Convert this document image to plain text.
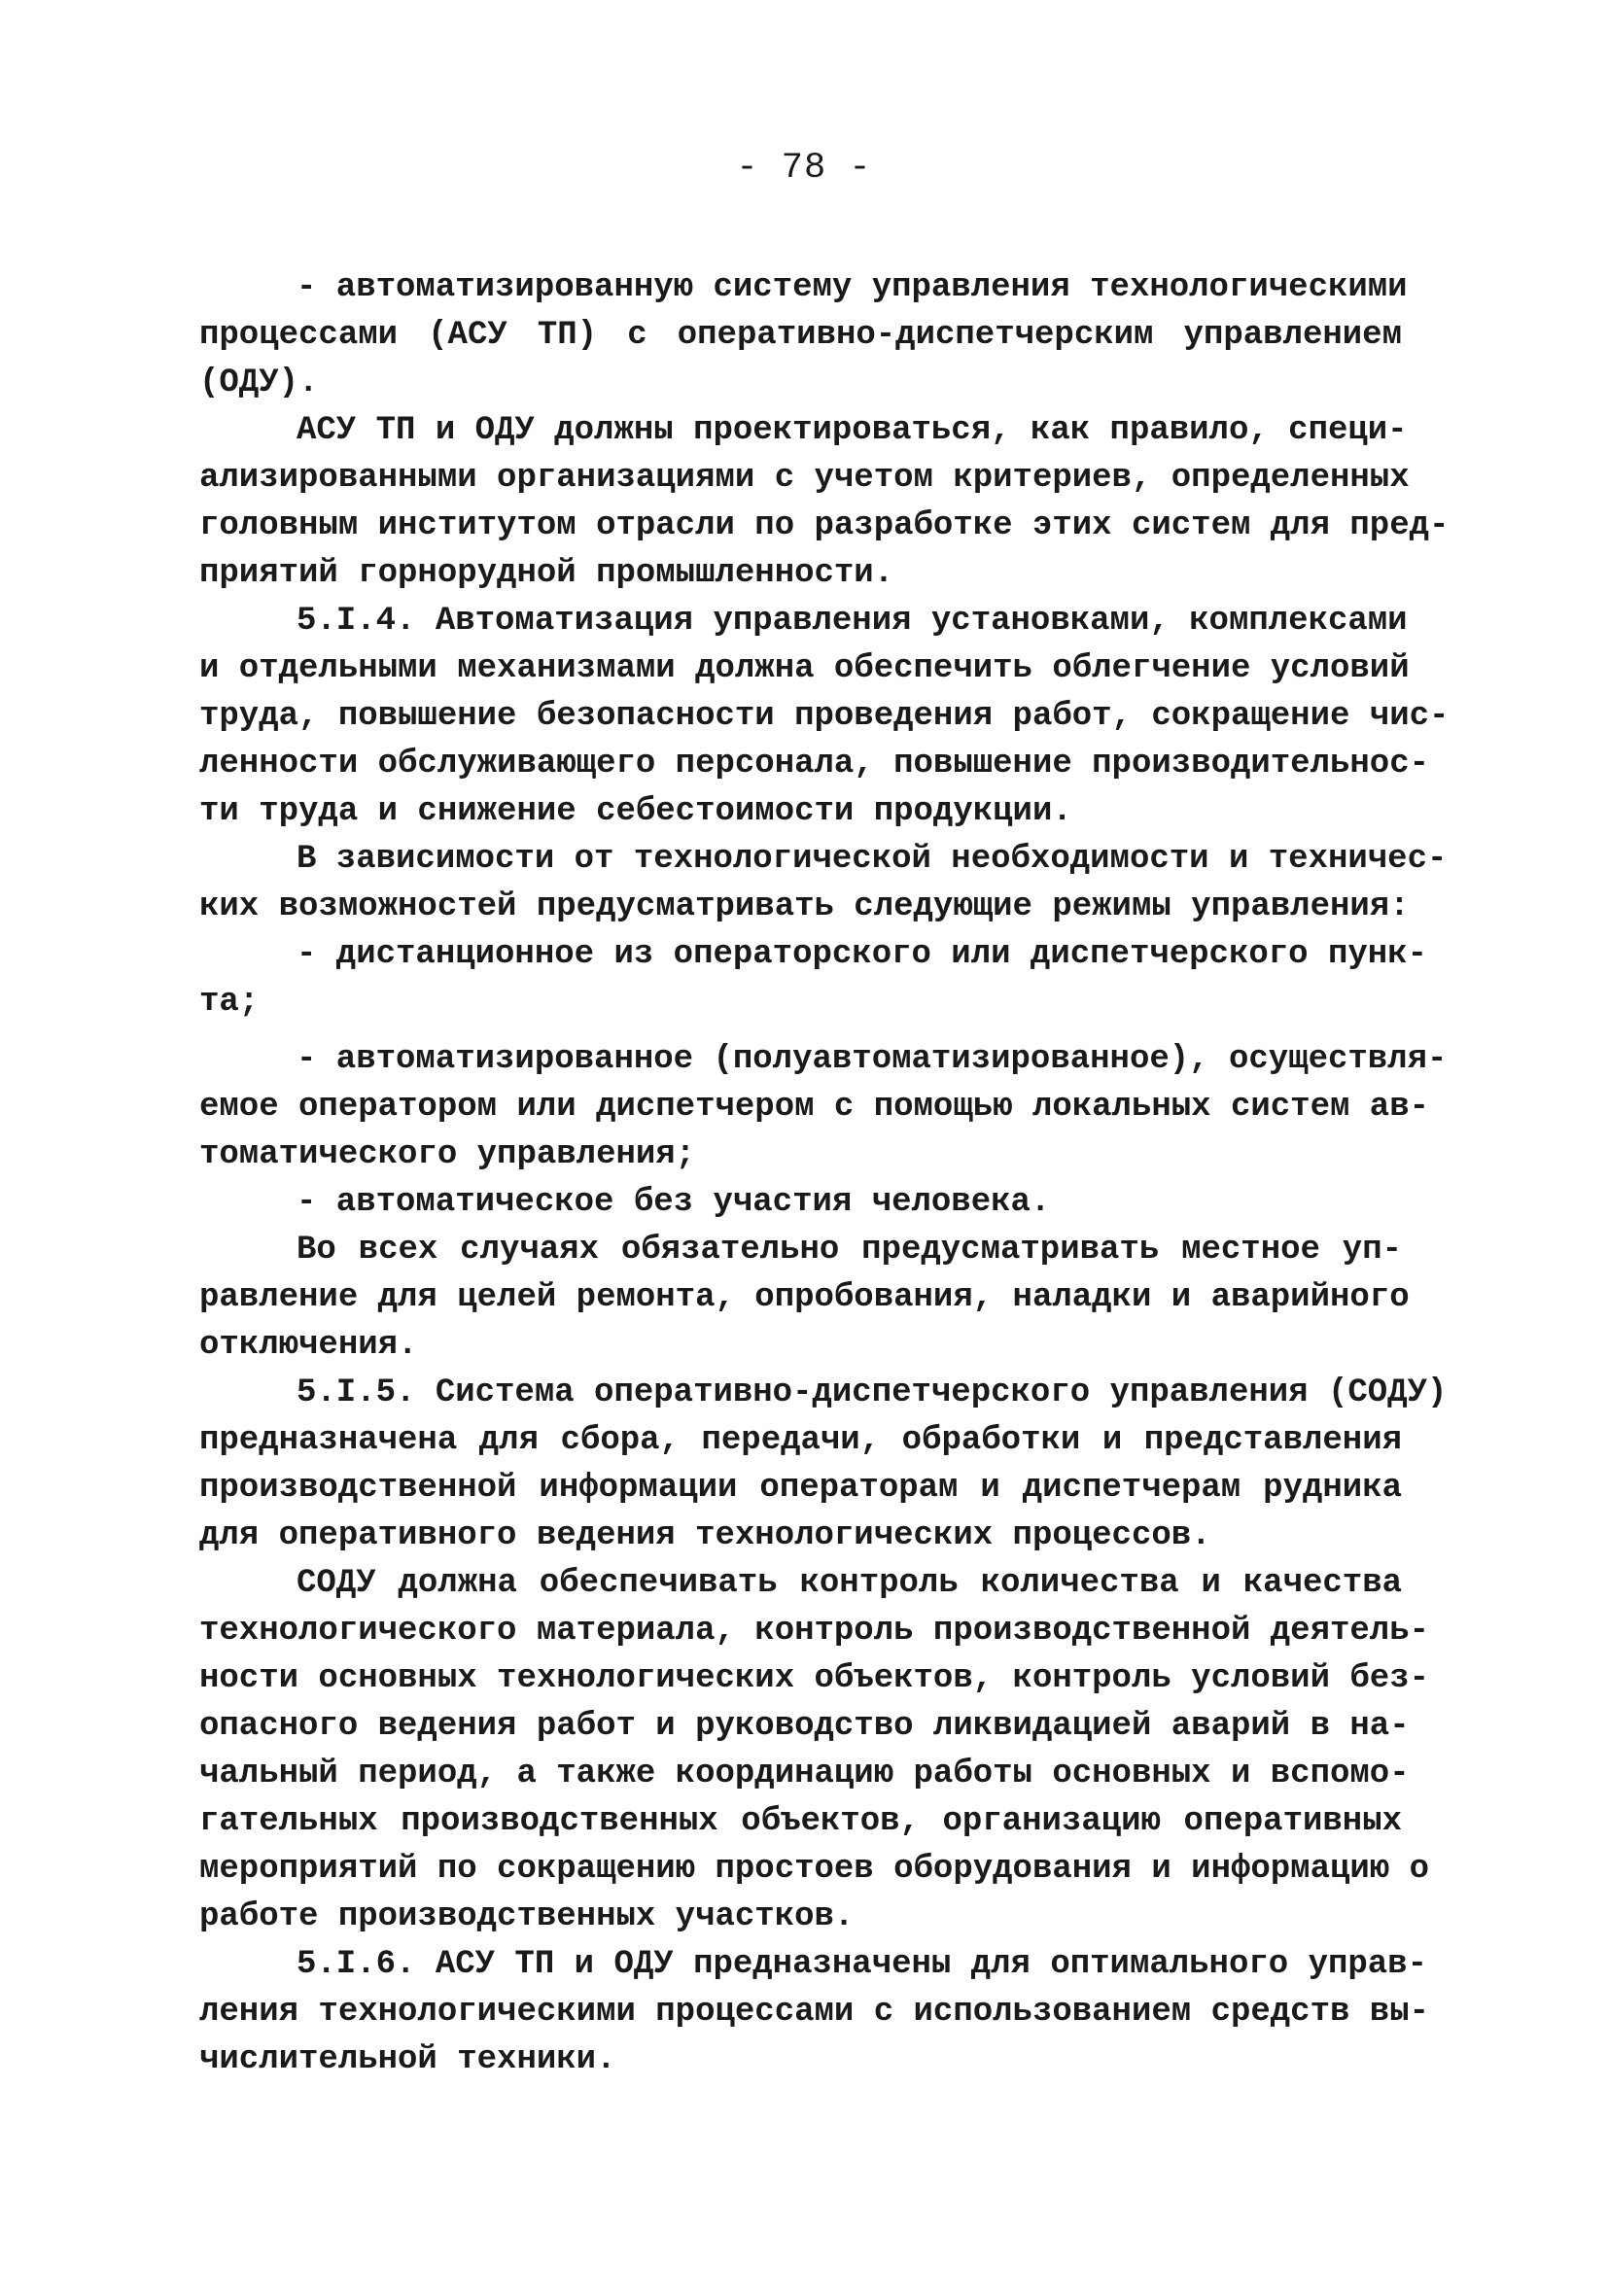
- 78 -
- автоматизированную систему управления технологическими
процессами (АСУ ТП) с оперативно-диспетчерским управлением
(ОДУ).
АСУ ТП и ОДУ должны проектироваться, как правило, специ-
ализированными организациями с учетом критериев, определенных
головным институтом отрасли по разработке этих систем для пред-
приятий горнорудной промышленности.
5.I.4. Автоматизация управления установками, комплексами
и отдельными механизмами должна обеспечить облегчение условий
труда, повышение безопасности проведения работ, сокращение чис-
ленности обслуживающего персонала, повышение производительнос-
ти труда и снижение себестоимости продукции.
В зависимости от технологической необходимости и техничес-
ких возможностей предусматривать следующие режимы управления:
- дистанционное из операторского или диспетчерского пунк-
та;
- автоматизированное (полуавтоматизированное), осуществля-
емое оператором или диспетчером с помощью локальных систем ав-
томатического управления;
- автоматическое без участия человека.
Во всех случаях обязательно предусматривать местное уп-
равление для целей ремонта, опробования, наладки и аварийного
отключения.
5.I.5. Система оперативно-диспетчерского управления (СОДУ)
предназначена для сбора, передачи, обработки и представления
производственной информации операторам и диспетчерам рудника
для оперативного ведения технологических процессов.
СОДУ должна обеспечивать контроль количества и качества
технологического материала, контроль производственной деятель-
ности основных технологических объектов, контроль условий без-
опасного ведения работ и руководство ликвидацией аварий в на-
чальный период, а также координацию работы основных и вспомо-
гательных производственных объектов, организацию оперативных
мероприятий по сокращению простоев оборудования и информацию о
работе производственных участков.
5.I.6. АСУ ТП и ОДУ предназначены для оптимального управ-
ления технологическими процессами с использованием средств вы-
числительной техники.
